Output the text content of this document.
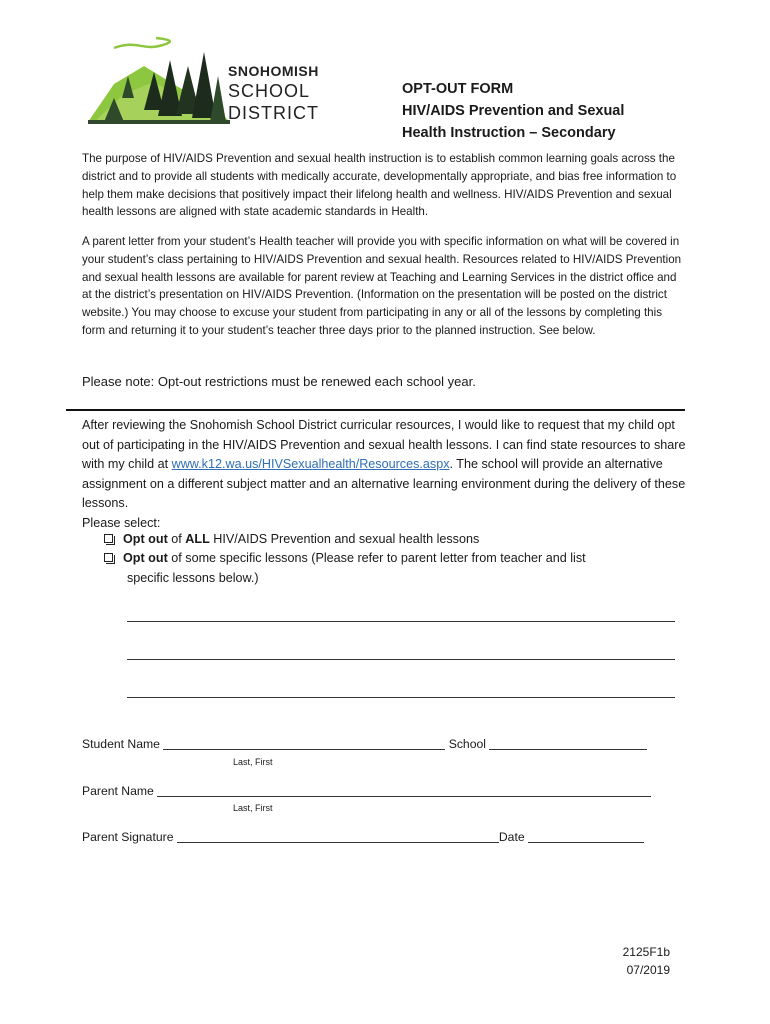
SNOHOMISH
SCHOOL
DISTRICT
OPT-OUT FORM
HIV/AIDS Prevention and Sexual
Health Instruction – Secondary
The purpose of HIV/AIDS Prevention and sexual health instruction is to establish common learning goals across the district and to provide all students with medically accurate, developmentally appropriate, and bias free information to help them make decisions that positively impact their lifelong health and wellness. HIV/AIDS Prevention and sexual health lessons are aligned with state academic standards in Health.
A parent letter from your student’s Health teacher will provide you with specific information on what will be covered in your student’s class pertaining to HIV/AIDS Prevention and sexual health. Resources related to HIV/AIDS Prevention and sexual health lessons are available for parent review at Teaching and Learning Services in the district office and at the district’s presentation on HIV/AIDS Prevention. (Information on the presentation will be posted on the district website.) You may choose to excuse your student from participating in any or all of the lessons by completing this form and returning it to your student’s teacher three days prior to the planned instruction. See below.
Please note: Opt-out restrictions must be renewed each school year.
After reviewing the Snohomish School District curricular resources, I would like to request that my child opt out of participating in the HIV/AIDS Prevention and sexual health lessons. I can find state resources to share with my child at www.k12.wa.us/HIVSexualhealth/Resources.aspx. The school will provide an alternative assignment on a different subject matter and an alternative learning environment during the delivery of these lessons.
Please select:
Opt out of ALL HIV/AIDS Prevention and sexual health lessons
Opt out of some specific lessons (Please refer to parent letter from teacher and list
specific lessons below.)
Student Name	School
Last, First
Parent Name
Last, First
Parent Signature	Date
2125F1b
07/2019
